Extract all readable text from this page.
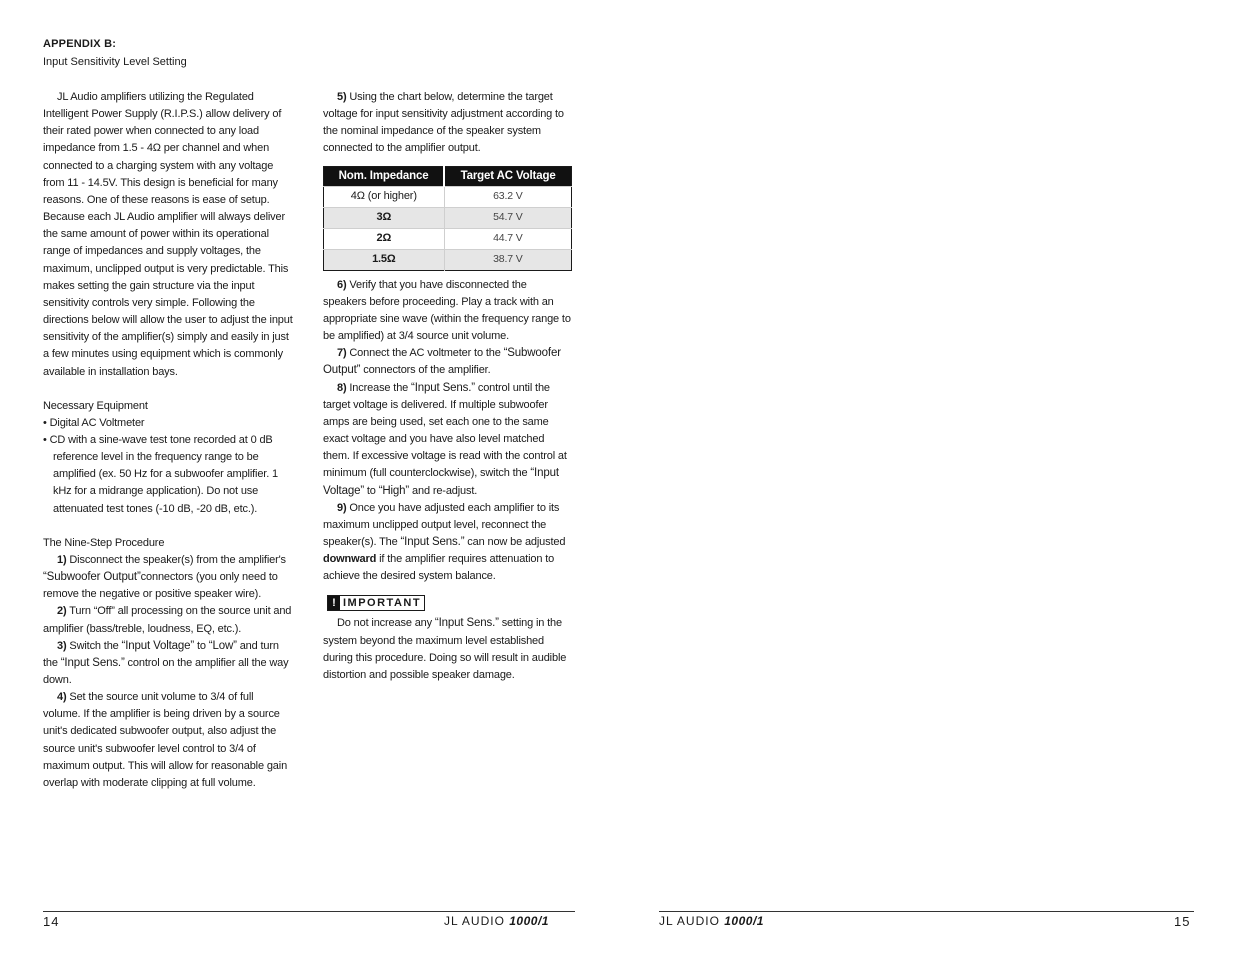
APPENDIX B:
Input Sensitivity Level Setting

JL Audio amplifiers utilizing the Regulated Intelligent Power Supply (R.I.P.S.) allow delivery of their rated power when connected to any load impedance from 1.5 - 4Ω per channel and when connected to a charging system with any voltage from 11 - 14.5V. This design is beneficial for many reasons. One of these reasons is ease of setup. Because each JL Audio amplifier will always deliver the same amount of power within its operational range of impedances and supply voltages, the maximum, unclipped output is very predictable. This makes setting the gain structure via the input sensitivity controls very simple. Following the directions below will allow the user to adjust the input sensitivity of the amplifier(s) simply and easily in just a few minutes using equipment which is commonly available in installation bays.

Necessary Equipment

• Digital AC Voltmeter
• CD with a sine-wave test tone recorded at 0 dB reference level in the frequency range to be amplified (ex. 50 Hz for a subwoofer amplifier. 1 kHz for a midrange application). Do not use attenuated test tones (-10 dB, -20 dB, etc.).

The Nine-Step Procedure

1) Disconnect the speaker(s) from the amplifier's “Subwoofer Output”connectors (you only need to remove the negative or positive speaker wire).

2) Turn “Off” all processing on the source unit and amplifier (bass/treble, loudness, EQ, etc.).

3) Switch the “Input Voltage” to “Low” and turn the “Input Sens.” control on the amplifier all the way down.

4) Set the source unit volume to 3/4 of full volume. If the amplifier is being driven by a source unit's dedicated subwoofer output, also adjust the source unit's subwoofer level control to 3/4 of maximum output. This will allow for reasonable gain overlap with moderate clipping at full volume.

5) Using the chart below, determine the target voltage for input sensitivity adjustment according to the nominal impedance of the speaker system connected to the amplifier output.

Nom. Impedance	Target AC Voltage
4Ω (or higher)	63.2 V
3Ω	54.7 V
2Ω	44.7 V
1.5Ω	38.7 V

6) Verify that you have disconnected the speakers before proceeding. Play a track with an appropriate sine wave (within the frequency range to be amplified) at 3/4 source unit volume.

7) Connect the AC voltmeter to the “Subwoofer Output” connectors of the amplifier.

8) Increase the “Input Sens.” control until the target voltage is delivered. If multiple subwoofer amps are being used, set each one to the same exact voltage and you have also level matched them. If excessive voltage is read with the control at minimum (full counterclockwise), switch the “Input Voltage” to “High” and re-adjust.

9) Once you have adjusted each amplifier to its maximum unclipped output level, reconnect the speaker(s). The “Input Sens.” can now be adjusted downward if the amplifier requires attenuation to achieve the desired system balance.

! IMPORTANT

Do not increase any “Input Sens.” setting in the system beyond the maximum level established during this procedure. Doing so will result in audible distortion and possible speaker damage.

14	JL AUDIO 1000/1	JL AUDIO 1000/1	15
